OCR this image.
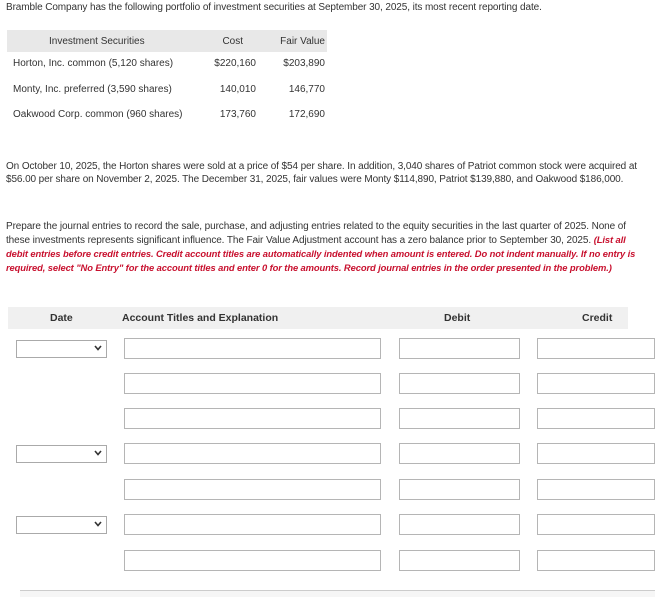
Bramble Company has the following portfolio of investment securities at September 30, 2025, its most recent reporting date.
Investment Securities	Cost	Fair Value
Horton, Inc. common (5,120 shares)	$220,160	$203,890
Monty, Inc. preferred (3,590 shares)	140,010	146,770
Oakwood Corp. common (960 shares)	173,760	172,690
On October 10, 2025, the Horton shares were sold at a price of $54 per share. In addition, 3,040 shares of Patriot common stock were acquired at $56.00 per share on November 2, 2025. The December 31, 2025, fair values were Monty $114,890, Patriot $139,880, and Oakwood $186,000.
Prepare the journal entries to record the sale, purchase, and adjusting entries related to the equity securities in the last quarter of 2025. None of these investments represents significant influence. The Fair Value Adjustment account has a zero balance prior to September 30, 2025. (List all debit entries before credit entries. Credit account titles are automatically indented when amount is entered. Do not indent manually. If no entry is required, select "No Entry" for the account titles and enter 0 for the amounts. Record journal entries in the order presented in the problem.)
Date	Account Titles and Explanation	Debit	Credit
